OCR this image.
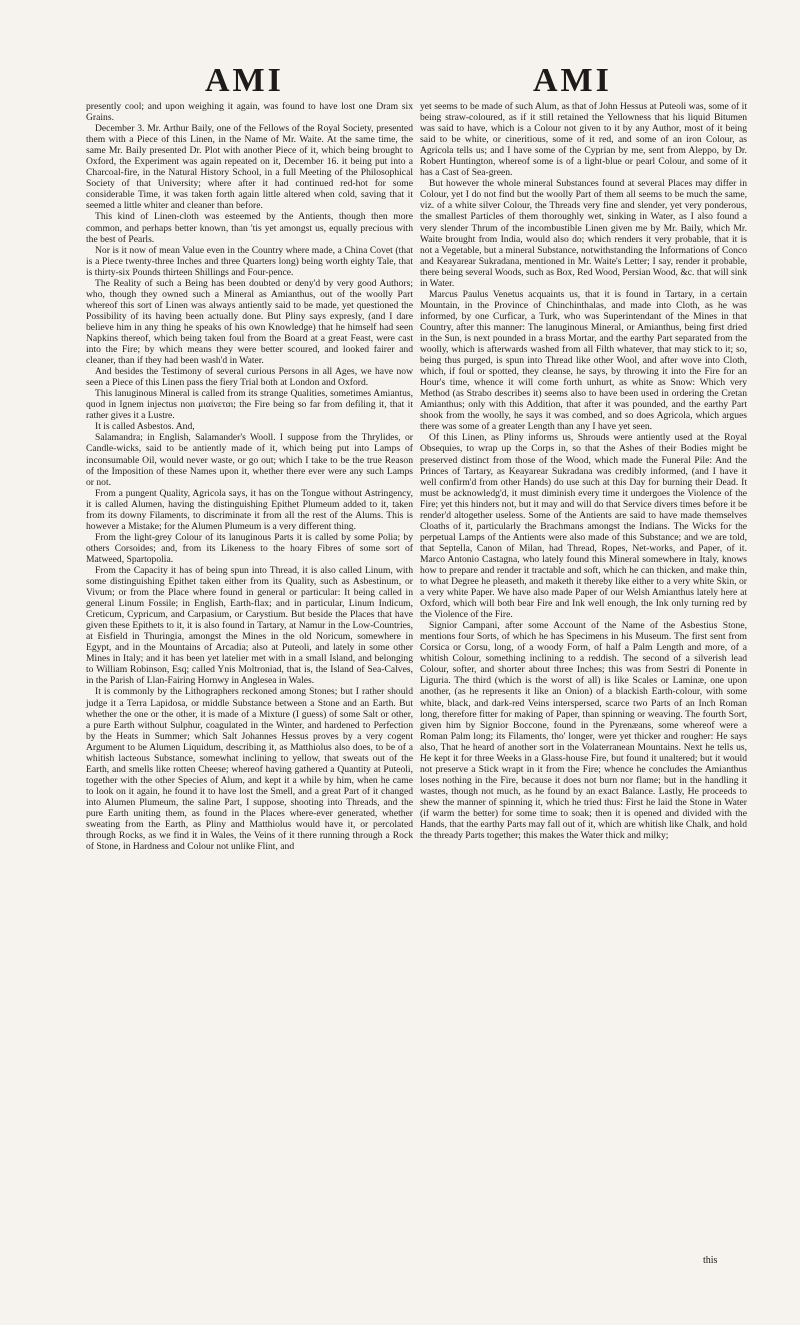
AMI	AMI

presently cool; and upon weighing it again, was found to have lost one Dram six Grains.

December 3. Mr. Arthur Baily, one of the Fellows of the Royal Society, presented them with a Piece of this Linen, in the Name of Mr. Waite. At the same time, the same Mr. Baily presented Dr. Plot with another Piece of it, which being brought to Oxford, the Experiment was again repeated on it, December 16. it being put into a Charcoal-fire, in the Natural History School, in a full Meeting of the Philosophical Society of that University; where after it had continued red-hot for some considerable Time, it was taken forth again little altered when cold, saving that it seemed a little whiter and cleaner than before.

This kind of Linen-cloth was esteemed by the Antients, though then more common, and perhaps better known, than 'tis yet amongst us, equally precious with the best of Pearls.

Nor is it now of mean Value even in the Country where made, a China Covet (that is a Piece twenty-three Inches and three Quarters long) being worth eighty Tale, that is thirty-six Pounds thirteen Shillings and Four-pence.

The Reality of such a Being has been doubted or deny'd by very good Authors; who, though they owned such a Mineral as Amianthus, out of the woolly Part whereof this sort of Linen was always antiently said to be made, yet questioned the Possibility of its having been actually done. But Pliny says expresly, (and I dare believe him in any thing he speaks of his own Knowledge) that he himself had seen Napkins thereof, which being taken foul from the Board at a great Feast, were cast into the Fire; by which means they were better scoured, and looked fairer and cleaner, than if they had been wash'd in Water.

And besides the Testimony of several curious Persons in all Ages, we have now seen a Piece of this Linen pass the fiery Trial both at London and Oxford.

This lanuginous Mineral is called from its strange Qualities, sometimes Amiantus, quod in Ignem injectus non μιαίνεται; the Fire being so far from defiling it, that it rather gives it a Lustre.

It is called Asbestos. And,

Salamandra; in English, Salamander's Wooll. I suppose from the Thrylides, or Candle-wicks, said to be antiently made of it, which being put into Lamps of inconsumable Oil, would never waste, or go out; which I take to be the true Reason of the Imposition of these Names upon it, whether there ever were any such Lamps or not.

From a pungent Quality, Agricola says, it has on the Tongue without Astringency, it is called Alumen, having the distinguishing Epithet Plumeum added to it, taken from its downy Filaments, to discriminate it from all the rest of the Alums. This is however a Mistake; for the Alumen Plumeum is a very different thing.

From the light-grey Colour of its lanuginous Parts it is called by some Polia; by others Corsoides; and, from its Likeness to the hoary Fibres of some sort of Matweed, Spartopolia.

From the Capacity it has of being spun into Thread, it is also called Linum, with some distinguishing Epithet taken either from its Quality, such as Asbestinum, or Vivum; or from the Place where found in general or particular: It being called in general Linum Fossile; in English, Earth-flax; and in particular, Linum Indicum, Creticum, Cypricum, and Carpasium, or Carystium. But beside the Places that have given these Epithets to it, it is also found in Tartary, at Namur in the Low-Countries, at Eisfield in Thuringia, amongst the Mines in the old Noricum, somewhere in Egypt, and in the Mountains of Arcadia; also at Puteoli, and lately in some other Mines in Italy; and it has been yet latelier met with in a small Island, and belonging to William Robinson, Esq; called Ynis Moltroniad, that is, the Island of Sea-Calves, in the Parish of Llan-Fairing Hornwy in Anglesea in Wales.

It is commonly by the Lithographers reckoned among Stones; but I rather should judge it a Terra Lapidosa, or middle Substance between a Stone and an Earth. But whether the one or the other, it is made of a Mixture (I guess) of some Salt or other, a pure Earth without Sulphur, coagulated in the Winter, and hardened to Perfection by the Heats in Summer; which Salt Johannes Hessus proves by a very cogent Argument to be Alumen Liquidum, describing it, as Matthiolus also does, to be of a whitish lacteous Substance, somewhat inclining to yellow, that sweats out of the Earth, and smells like rotten Cheese; whereof having gathered a Quantity at Puteoli, together with the other Species of Alum, and kept it a while by him, when he came to look on it again, he found it to have lost the Smell, and a great Part of it changed into Alumen Plumeum, the saline Part, I suppose, shooting into Threads, and the pure Earth uniting them, as found in the Places where-ever generated, whether sweating from the Earth, as Pliny and Matthiolus would have it, or percolated through Rocks, as we find it in Wales, the Veins of it there running through a Rock of Stone, in Hardness and Colour not unlike Flint, and

yet seems to be made of such Alum, as that of John Hessus at Puteoli was, some of it being straw-coloured, as if it still retained the Yellowness that his liquid Bitumen was said to have, which is a Colour not given to it by any Author, most of it being said to be white, or cineritious, some of it red, and some of an iron Colour, as Agricola tells us; and I have some of the Cyprian by me, sent from Aleppo, by Dr. Robert Huntington, whereof some is of a light-blue or pearl Colour, and some of it has a Cast of Sea-green.

But however the whole mineral Substances found at several Places may differ in Colour, yet I do not find but the woolly Part of them all seems to be much the same, viz. of a white silver Colour, the Threads very fine and slender, yet very ponderous, the smallest Particles of them thoroughly wet, sinking in Water, as I also found a very slender Thrum of the incombustible Linen given me by Mr. Baily, which Mr. Waite brought from India, would also do; which renders it very probable, that it is not a Vegetable, but a mineral Substance, notwithstanding the Informations of Conco and Keayarear Sukradana, mentioned in Mr. Waite's Letter; I say, render it probable, there being several Woods, such as Box, Red Wood, Persian Wood, &c. that will sink in Water.

Marcus Paulus Venetus acquaints us, that it is found in Tartary, in a certain Mountain, in the Province of Chinchinthalas, and made into Cloth, as he was informed, by one Curficar, a Turk, who was Superintendant of the Mines in that Country, after this manner: The lanuginous Mineral, or Amianthus, being first dried in the Sun, is next pounded in a brass Mortar, and the earthy Part separated from the woolly, which is afterwards washed from all Filth whatever, that may stick to it; so, being thus purged, is spun into Thread like other Wool, and after wove into Cloth, which, if foul or spotted, they cleanse, he says, by throwing it into the Fire for an Hour's time, whence it will come forth unhurt, as white as Snow: Which very Method (as Strabo describes it) seems also to have been used in ordering the Cretan Amianthus; only with this Addition, that after it was pounded, and the earthy Part shook from the woolly, he says it was combed, and so does Agricola, which argues there was some of a greater Length than any I have yet seen.

Of this Linen, as Pliny informs us, Shrouds were antiently used at the Royal Obsequies, to wrap up the Corps in, so that the Ashes of their Bodies might be preserved distinct from those of the Wood, which made the Funeral Pile: And the Princes of Tartary, as Keayarear Sukradana was credibly informed, (and I have it well confirm'd from other Hands) do use such at this Day for burning their Dead. It must be acknowledg'd, it must diminish every time it undergoes the Violence of the Fire; yet this hinders not, but it may and will do that Service divers times before it be render'd altogether useless. Some of the Antients are said to have made themselves Cloaths of it, particularly the Brachmans amongst the Indians. The Wicks for the perpetual Lamps of the Antients were also made of this Substance; and we are told, that Septella, Canon of Milan, had Thread, Ropes, Net-works, and Paper, of it. Marco Antonio Castagna, who lately found this Mineral somewhere in Italy, knows how to prepare and render it tractable and soft, which he can thicken, and make thin, to what Degree he pleaseth, and maketh it thereby like either to a very white Skin, or a very white Paper. We have also made Paper of our Welsh Amianthus lately here at Oxford, which will both bear Fire and Ink well enough, the Ink only turning red by the Violence of the Fire.

Signior Campani, after some Account of the Name of the Asbestius Stone, mentions four Sorts, of which he has Specimens in his Museum. The first sent from Corsica or Corsu, long, of a woody Form, of half a Palm Length and more, of a whitish Colour, something inclining to a reddish. The second of a silverish lead Colour, softer, and shorter about three Inches; this was from Sestri di Ponente in Liguria. The third (which is the worst of all) is like Scales or Laminæ, one upon another, (as he represents it like an Onion) of a blackish Earth-colour, with some white, black, and dark-red Veins interspersed, scarce two Parts of an Inch Roman long, therefore fitter for making of Paper, than spinning or weaving. The fourth Sort, given him by Signior Boccone, found in the Pyrenæans, some whereof were a Roman Palm long; its Filaments, tho' longer, were yet thicker and rougher: He says also, That he heard of another sort in the Volaterranean Mountains. Next he tells us, He kept it for three Weeks in a Glass-house Fire, but found it unaltered; but it would not preserve a Stick wrapt in it from the Fire; whence he concludes the Amianthus loses nothing in the Fire, because it does not burn nor flame; but in the handling it wastes, though not much, as he found by an exact Balance. Lastly, He proceeds to shew the manner of spinning it, which he tried thus: First he laid the Stone in Water (if warm the better) for some time to soak; then it is opened and divided with the Hands, that the earthy Parts may fall out of it, which are whitish like Chalk, and hold the thready Parts together; this makes the Water thick and milky;

this
